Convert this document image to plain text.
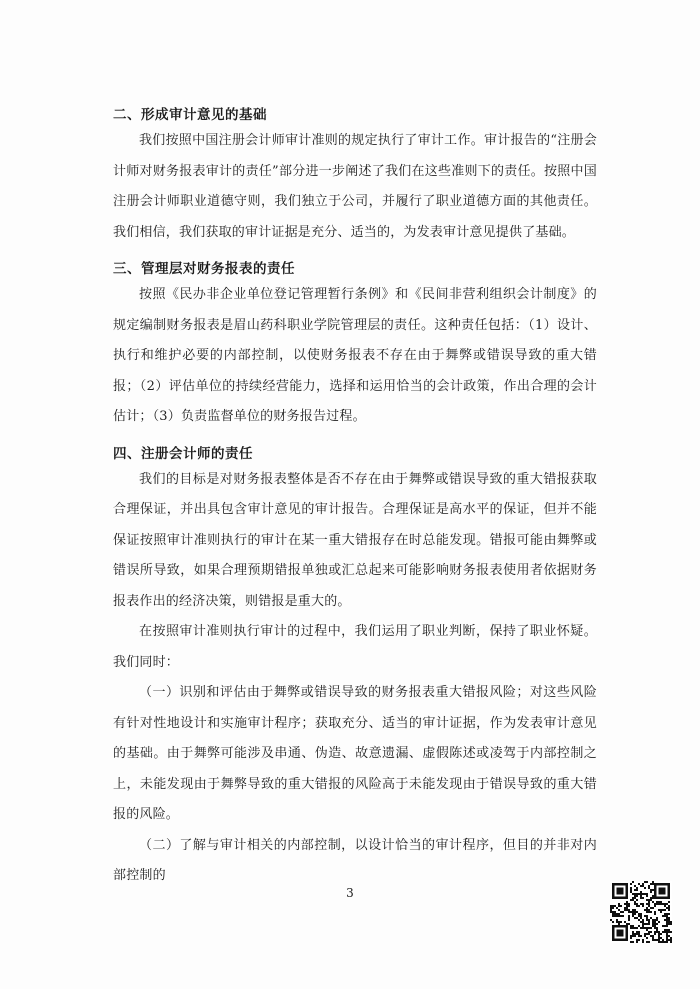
二、形成审计意见的基础

我们按照中国注册会计师审计准则的规定执行了审计工作。审计报告的“注册会计师对财务报表审计的责任”部分进一步阐述了我们在这些准则下的责任。按照中国注册会计师职业道德守则，我们独立于公司，并履行了职业道德方面的其他责任。我们相信，我们获取的审计证据是充分、适当的，为发表审计意见提供了基础。

三、管理层对财务报表的责任

按照《民办非企业单位登记管理暂行条例》和《民间非营利组织会计制度》的规定编制财务报表是眉山药科职业学院管理层的责任。这种责任包括：（1）设计、执行和维护必要的内部控制，以使财务报表不存在由于舞弊或错误导致的重大错报；（2）评估单位的持续经营能力，选择和运用恰当的会计政策，作出合理的会计估计；（3）负责监督单位的财务报告过程。

四、注册会计师的责任

我们的目标是对财务报表整体是否不存在由于舞弊或错误导致的重大错报获取合理保证，并出具包含审计意见的审计报告。合理保证是高水平的保证，但并不能保证按照审计准则执行的审计在某一重大错报存在时总能发现。错报可能由舞弊或错误所导致，如果合理预期错报单独或汇总起来可能影响财务报表使用者依据财务报表作出的经济决策，则错报是重大的。

在按照审计准则执行审计的过程中，我们运用了职业判断，保持了职业怀疑。我们同时：

（一）识别和评估由于舞弊或错误导致的财务报表重大错报风险；对这些风险有针对性地设计和实施审计程序；获取充分、适当的审计证据，作为发表审计意见的基础。由于舞弊可能涉及串通、伪造、故意遗漏、虚假陈述或凌驾于内部控制之上，未能发现由于舞弊导致的重大错报的风险高于未能发现由于错误导致的重大错报的风险。

（二）了解与审计相关的内部控制，以设计恰当的审计程序，但目的并非对内部控制的

3
